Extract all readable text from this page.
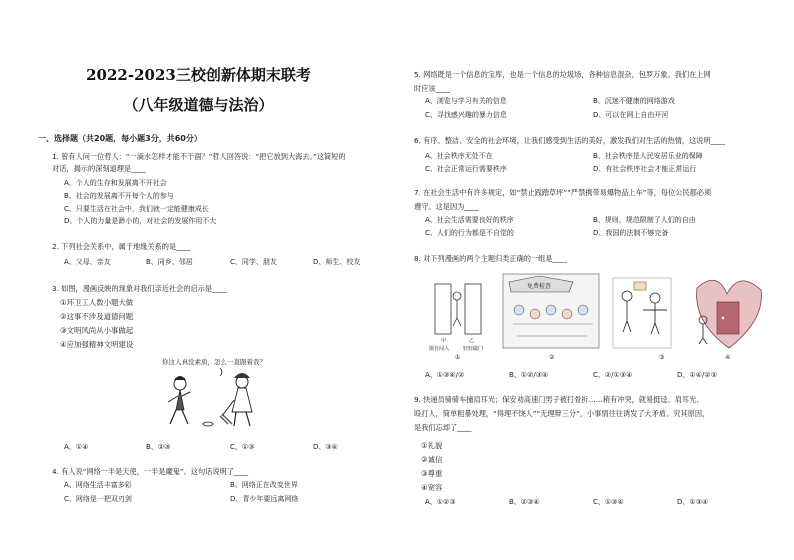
2022-2023三校创新体期末联考
（八年级道德与法治）
一、选择题（共20题，每小题3分，共60分）
1. 曾有人问一位哲人：“一滴水怎样才能不干涸？”哲人回答说：“把它放到大海去。”这简短的
对话，揭示的深刻道理是____
A、个人的生存和发展离不开社会
B、社会的发展离不开每个人的参与
C、只要生活在社会中，我们就一定能健康成长
D、个人的力量是渺小的，对社会的发展作用不大
2. 下列社会关系中，属于地缘关系的是____
A、父母、亲友	B、同乡、邻居	C、同学、朋友	D、师生、校友
3. 如图，漫画反映的现象对我们亲近社会的启示是____
①环卫工人数小题大做
②这事不涉及道德问题
③文明风尚从小事做起
④应加强精神文明建设
你这人真没素质，怎么一直跟着我？
A、①④	B、②③	C、①③	D、③④
4. 有人说“网络一半是天使，一半是魔鬼”。这句话说明了____
A、网络生活丰富多彩	B、网络正在改变世界
C、网络是一把双刃剑	D、青少年要远离网络
5. 网络既是一个信息的宝库，也是一个信息的垃圾场，各种信息混杂，包罗万象。我们在上网
时应该____
A、浏览与学习有关的信息	B、沉迷不健康的网络游戏
C、寻找感兴趣的暴力信息	D、可以在网上自由开河
6. 有序、整洁、安全的社会环境，让我们感受到生活的美好，激发我们对生活的热情，这说明____
A、社会秩序无处不在	B、社会秩序是人民安居乐业的保障
C、社会正常运行需要秩序	D、有社会秩序社会才能正常运行
7. 在社会生活中有许多规定，如“禁止践踏草坪”“严禁携带易爆物品上车”等，每位公民都必须
遵守。这是因为____
A、社会生活需要良好的秩序	B、规则、规范限制了人们的自由
C、人们的行为都是不自觉的	D、我国的法制不够完备
8. 对下列漫画的两个主题归类正确的一组是____
甲	乙
擅自闯入	轻轻敲门
①
免费检查
②	③	④
A、①③④/②	B、①②/③④	C、②/①③④	D、①④/②③
9. 快递员骑骑车撞肩耳光；保安劝高速门男子被打骨折……稍有冲突，就易挺迳、肩耳光、
殴打人，简单粗暴处理，“得理不饶人”“无理辩三分”，小事情往往诱发了大矛盾。究其原因，
是我们忘却了____
①礼貌
②诚信
③尊重
④宽容
A、①②③	B、②③④	C、①③④	D、①③④
